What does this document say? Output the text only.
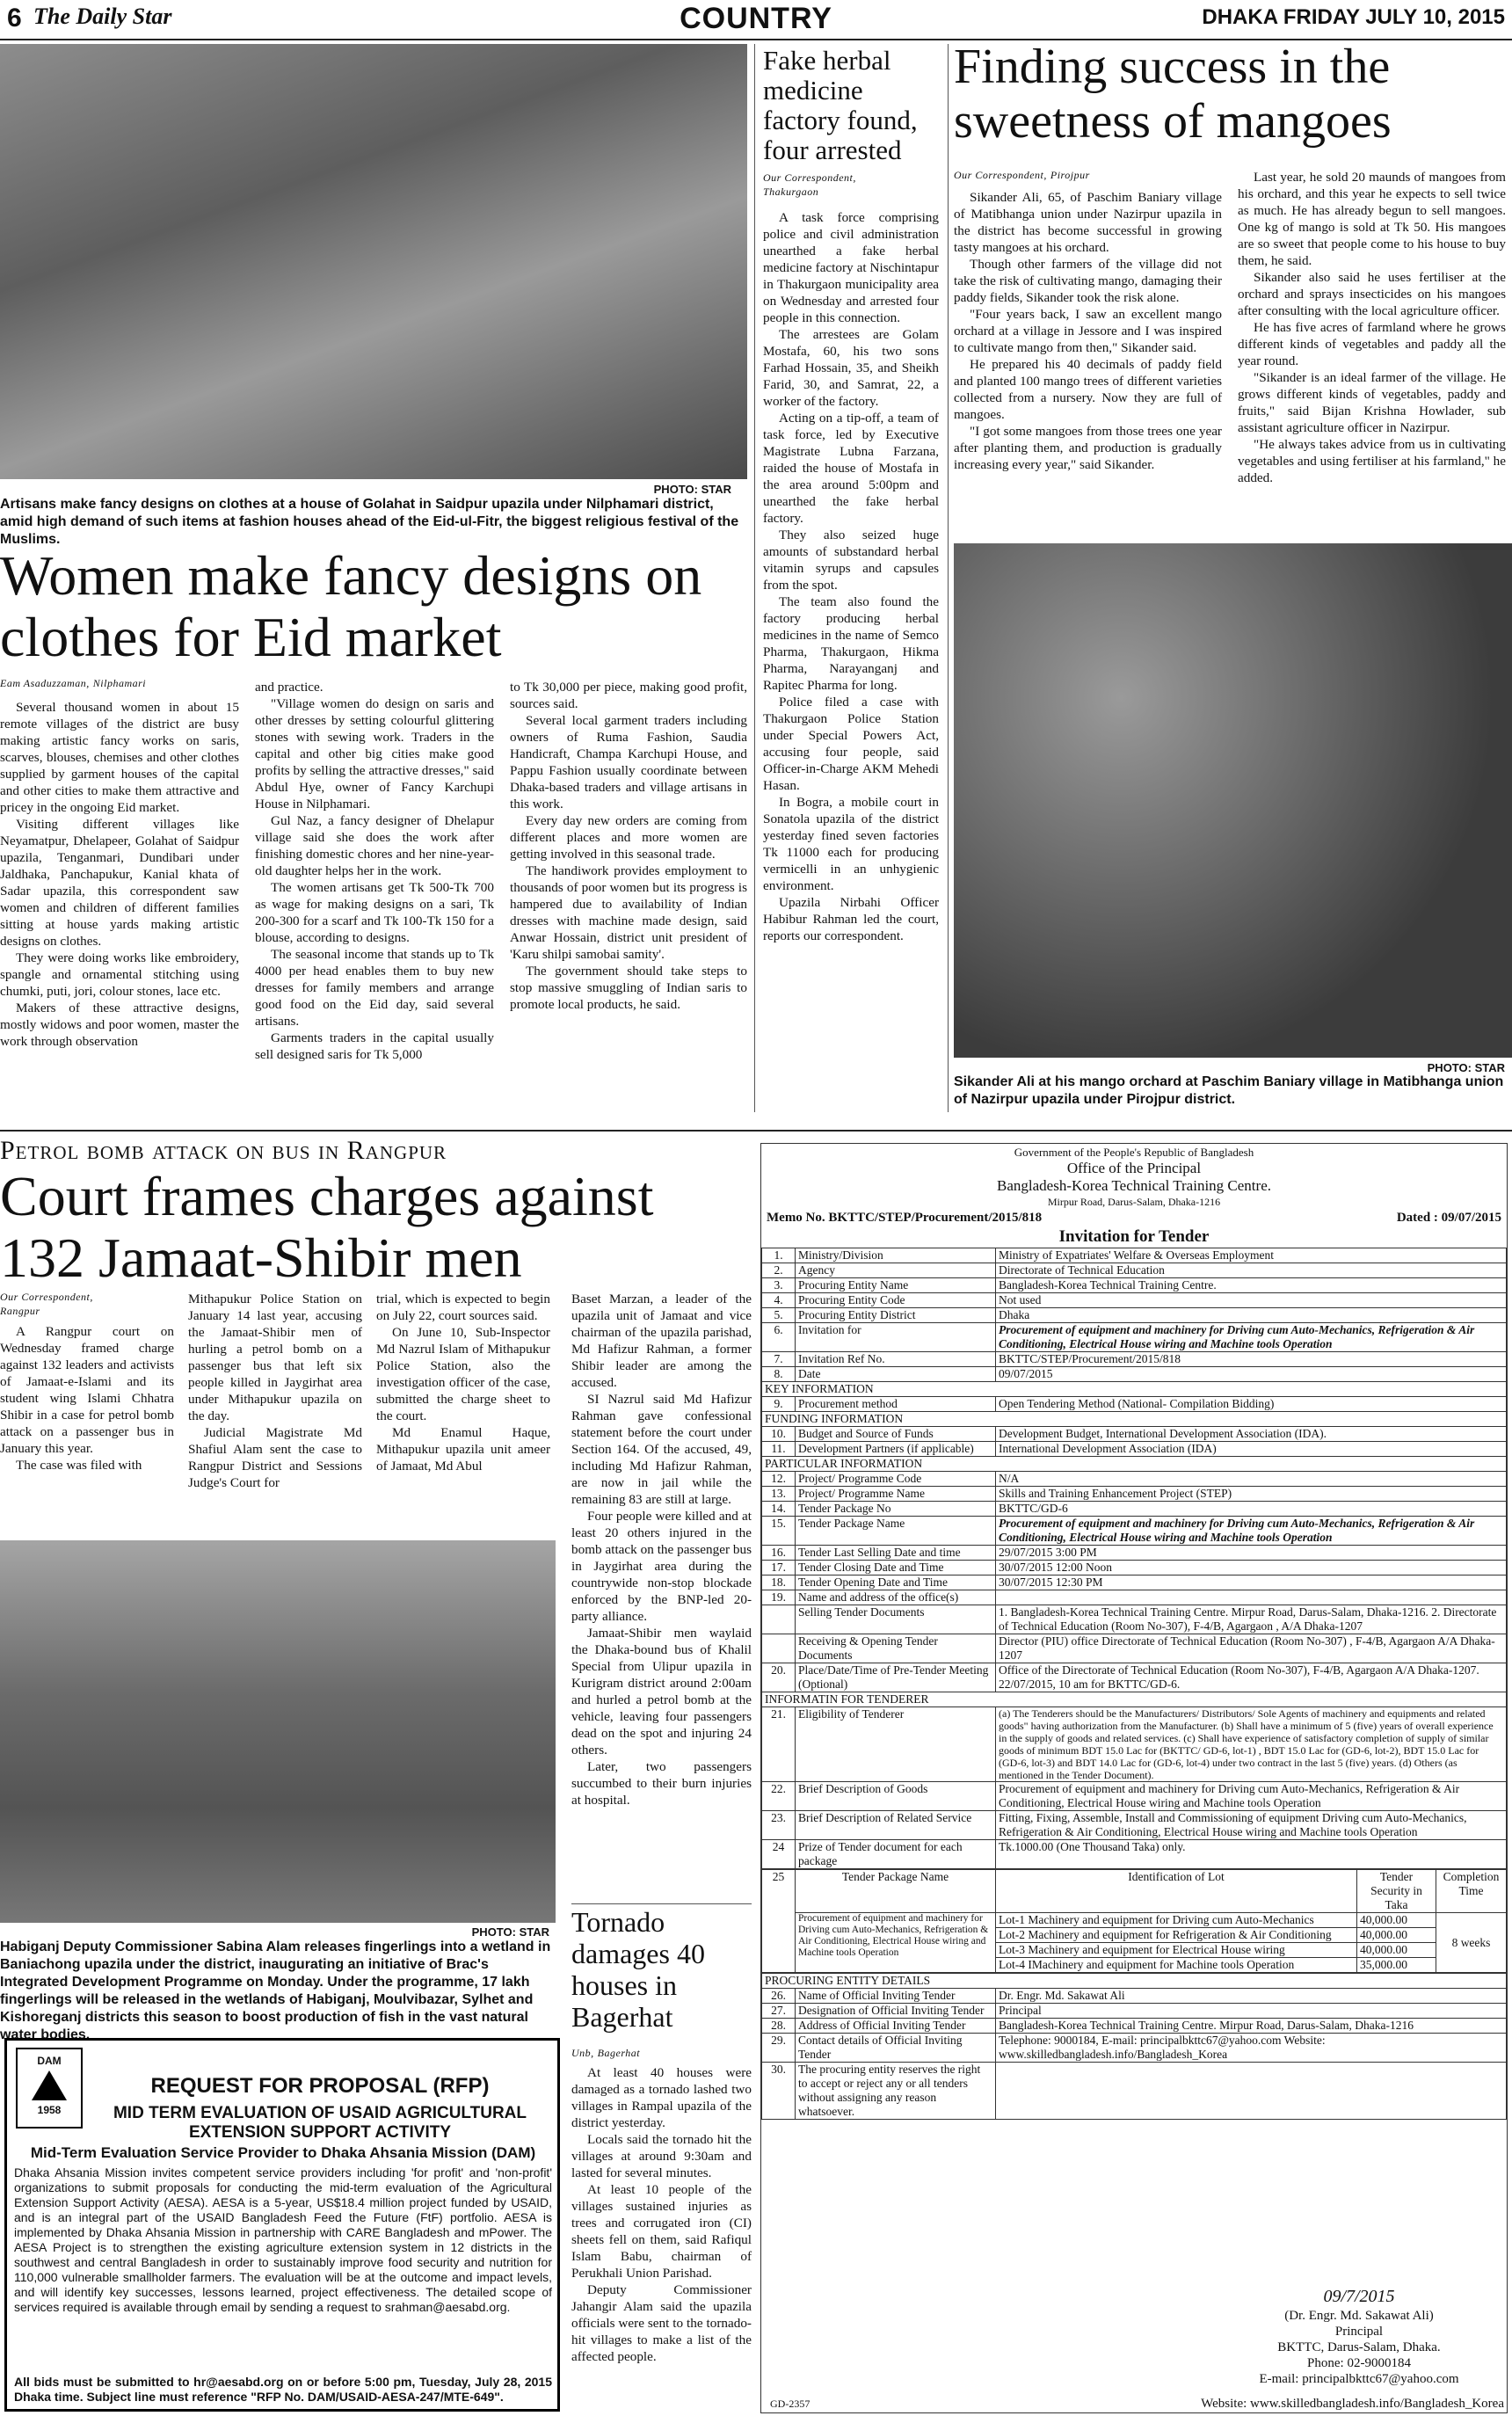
6 The Daily Star	COUNTRY	DHAKA FRIDAY JULY 10, 2015
PHOTO: STAR
Artisans make fancy designs on clothes at a house of Golahat in Saidpur upazila under Nilphamari district, amid high demand of such items at fashion houses ahead of the Eid-ul-Fitr, the biggest religious festival of the Muslims.
Women make fancy designs on clothes for Eid market
Eam Asaduzzaman, Nilphamari

Several thousand women in about 15 remote villages of the district are busy making artistic fancy works on saris, scarves, blouses, chemises and other clothes supplied by garment houses of the capital and other cities to make them attractive and pricey in the ongoing Eid market.

Visiting different villages like Neyamatpur, Dhelapeer, Golahat of Saidpur upazila, Tenganmari, Dundibari under Jaldhaka, Panchapukur, Kanial khata of Sadar upazila, this correspondent saw women and children of different families sitting at house yards making artistic designs on clothes.

They were doing works like embroidery, spangle and ornamental stitching using chumki, puti, jori, colour stones, lace etc.

Makers of these attractive designs, mostly widows and poor women, master the work through observation

and practice.

"Village women do design on saris and other dresses by setting colourful glittering stones with sewing work. Traders in the capital and other big cities make good profits by selling the attractive dresses," said Abdul Hye, owner of Fancy Karchupi House in Nilphamari.

Gul Naz, a fancy designer of Dhelapur village said she does the work after finishing domestic chores and her nine-year-old daughter helps her in the work.

The women artisans get Tk 500-Tk 700 as wage for making designs on a sari, Tk 200-300 for a scarf and Tk 100-Tk 150 for a blouse, according to designs.

The seasonal income that stands up to Tk 4000 per head enables them to buy new dresses for family members and arrange good food on the Eid day, said several artisans.

Garments traders in the capital usually sell designed saris for Tk 5,000

to Tk 30,000 per piece, making good profit, sources said.

Several local garment traders including owners of Ruma Fashion, Saudia Handicraft, Champa Karchupi House, and Pappu Fashion usually coordinate between Dhaka-based traders and village artisans in this work.

Every day new orders are coming from different places and more women are getting involved in this seasonal trade.

The handiwork provides employment to thousands of poor women but its progress is hampered due to availability of Indian dresses with machine made design, said Anwar Hossain, district unit president of 'Karu shilpi samobai samity'.

The government should take steps to stop massive smuggling of Indian saris to promote local products, he said.

Fake herbal medicine factory found, four arrested
Our Correspondent,
Thakurgaon

A task force comprising police and civil administration unearthed a fake herbal medicine factory at Nischintapur in Thakurgaon municipality area on Wednesday and arrested four people in this connection.

The arrestees are Golam Mostafa, 60, his two sons Farhad Hossain, 35, and Sheikh Farid, 30, and Samrat, 22, a worker of the factory.

Acting on a tip-off, a team of task force, led by Executive Magistrate Lubna Farzana, raided the house of Mostafa in the area around 5:00pm and unearthed the fake herbal factory.

They also seized huge amounts of substandard herbal vitamin syrups and capsules from the spot.

The team also found the factory producing herbal medicines in the name of Semco Pharma, Thakurgaon, Hikma Pharma, Narayanganj and Rapitec Pharma for long.

Police filed a case with Thakurgaon Police Station under Special Powers Act, accusing four people, said Officer-in-Charge AKM Mehedi Hasan.

In Bogra, a mobile court in Sonatola upazila of the district yesterday fined seven factories Tk 11000 each for producing vermicelli in an unhygienic environment.

Upazila Nirbahi Officer Habibur Rahman led the court, reports our correspondent.

Finding success in the sweetness of mangoes
Our Correspondent, Pirojpur

Sikander Ali, 65, of Paschim Baniary village of Matibhanga union under Nazirpur upazila in the district has become successful in growing tasty mangoes at his orchard.

Though other farmers of the village did not take the risk of cultivating mango, damaging their paddy fields, Sikander took the risk alone.

"Four years back, I saw an excellent mango orchard at a village in Jessore and I was inspired to cultivate mango from then," Sikander said.

He prepared his 40 decimals of paddy field and planted 100 mango trees of different varieties collected from a nursery. Now they are full of mangoes.

"I got some mangoes from those trees one year after planting them, and production is gradually increasing every year," said Sikander.

Last year, he sold 20 maunds of mangoes from his orchard, and this year he expects to sell twice as much. He has already begun to sell mangoes. One kg of mango is sold at Tk 50. His mangoes are so sweet that people come to his house to buy them, he said.

Sikander also said he uses fertiliser at the orchard and sprays insecticides on his mangoes after consulting with the local agriculture officer.

He has five acres of farmland where he grows different kinds of vegetables and paddy all the year round.

"Sikander is an ideal farmer of the village. He grows different kinds of vegetables, paddy and fruits," said Bijan Krishna Howlader, sub assistant agriculture officer in Nazirpur.

"He always takes advice from us in cultivating vegetables and using fertiliser at his farmland," he added.

PHOTO: STAR
Sikander Ali at his mango orchard at Paschim Baniary village in Matibhanga union of Nazirpur upazila under Pirojpur district.
Petrol bomb attack on bus in Rangpur
Court frames charges against 132 Jamaat-Shibir men
Our Correspondent,
Rangpur

A Rangpur court on Wednesday framed charge against 132 leaders and activists of Jamaat-e-Islami and its student wing Islami Chhatra Shibir in a case for petrol bomb attack on a passenger bus in January this year.

The case was filed with

Mithapukur Police Station on January 14 last year, accusing the Jamaat-Shibir men of hurling a petrol bomb on a passenger bus that left six people killed in Jaygirhat area under Mithapukur upazila on the day.

Judicial Magistrate Md Shafiul Alam sent the case to Rangpur District and Sessions Judge's Court for

trial, which is expected to begin on July 22, court sources said.

On June 10, Sub-Inspector Md Nazrul Islam of Mithapukur Police Station, also the investigation officer of the case, submitted the charge sheet to the court.

Md Enamul Haque, Mithapukur upazila unit ameer of Jamaat, Md Abul

Baset Marzan, a leader of the upazila unit of Jamaat and vice chairman of the upazila parishad, Md Hafizur Rahman, a former Shibir leader are among the accused.

SI Nazrul said Md Hafizur Rahman gave confessional statement before the court under Section 164. Of the accused, 49, including Md Hafizur Rahman, are now in jail while the remaining 83 are still at large.

Four people were killed and at least 20 others injured in the bomb attack on the passenger bus in Jaygirhat area during the countrywide non-stop blockade enforced by the BNP-led 20-party alliance.

Jamaat-Shibir men waylaid the Dhaka-bound bus of Khalil Special from Ulipur upazila in Kurigram district around 2:00am and hurled a petrol bomb at the vehicle, leaving four passengers dead on the spot and injuring 24 others.

Later, two passengers succumbed to their burn injuries at hospital.

PHOTO: STAR
Habiganj Deputy Commissioner Sabina Alam releases fingerlings into a wetland in Baniachong upazila under the district, inaugurating an initiative of Brac's Integrated Development Programme on Monday. Under the programme, 17 lakh fingerlings will be released in the wetlands of Habiganj, Moulvibazar, Sylhet and Kishoreganj districts this season to boost production of fish in the vast natural water bodies.
Tornado damages 40 houses in Bagerhat
Unb, Bagerhat

At least 40 houses were damaged as a tornado lashed two villages in Rampal upazila of the district yesterday.

Locals said the tornado hit the villages at around 9:30am and lasted for several minutes.

At least 10 people of the villages sustained injuries as trees and corrugated iron (CI) sheets fell on them, said Rafiqul Islam Babu, chairman of Perukhali Union Parishad.

Deputy Commissioner Jahangir Alam said the upazila officials were sent to the tornado-hit villages to make a list of the affected people.

DAM
1958
REQUEST FOR PROPOSAL (RFP)
MID TERM EVALUATION OF USAID AGRICULTURAL EXTENSION SUPPORT ACTIVITY
Mid-Term Evaluation Service Provider to Dhaka Ahsania Mission (DAM)
Dhaka Ahsania Mission invites competent service providers including 'for profit' and 'non-profit' organizations to submit proposals for conducting the mid-term evaluation of the Agricultural Extension Support Activity (AESA). AESA is a 5-year, US$18.4 million project funded by USAID, and is an integral part of the USAID Bangladesh Feed the Future (FtF) portfolio. AESA is implemented by Dhaka Ahsania Mission in partnership with CARE Bangladesh and mPower. The AESA Project is to strengthen the existing agriculture extension system in 12 districts in the southwest and central Bangladesh in order to sustainably improve food security and nutrition for 110,000 vulnerable smallholder farmers. The evaluation will be at the outcome and impact levels, and will identify key successes, lessons learned, project effectiveness. The detailed scope of services required is available through email by sending a request to srahman@aesabd.org.
All bids must be submitted to hr@aesabd.org on or before 5:00 pm, Tuesday, July 28, 2015 Dhaka time. Subject line must reference "RFP No. DAM/USAID-AESA-247/MTE-649".
Government of the People's Republic of Bangladesh
Office of the Principal
Bangladesh-Korea Technical Training Centre.
Mirpur Road, Darus-Salam, Dhaka-1216
Memo No. BKTTC/STEP/Procurement/2015/818	Dated : 09/07/2015
Invitation for Tender
1.	Ministry/Division	Ministry of Expatriates' Welfare & Overseas Employment
2.	Agency	Directorate of Technical Education
3.	Procuring Entity Name	Bangladesh-Korea Technical Training Centre.
4.	Procuring Entity Code	Not used
5.	Procuring Entity District	Dhaka
6.	Invitation for	Procurement of equipment and machinery for Driving cum Auto-Mechanics, Refrigeration & Air Conditioning, Electrical House wiring and Machine tools Operation
7.	Invitation Ref No.	BKTTC/STEP/Procurement/2015/818
8.	Date	09/07/2015
KEY INFORMATION		
9.	Procurement method	Open Tendering Method (National- Compilation Bidding)
FUNDING INFORMATION		
10.	Budget and Source of Funds	Development Budget, International Development Association (IDA).
11.	Development Partners (if applicable)	International Development Association (IDA)
PARTICULAR INFORMATION		
12.	Project/ Programme Code	N/A
13.	Project/ Programme Name	Skills and Training Enhancement Project (STEP)
14.	Tender Package No	BKTTC/GD-6
15.	Tender Package Name	Procurement of equipment and machinery for Driving cum Auto-Mechanics, Refrigeration & Air Conditioning, Electrical House wiring and Machine tools Operation
16.	Tender Last Selling Date and time	29/07/2015 3:00 PM
17.	Tender Closing Date and Time	30/07/2015 12:00 Noon
18.	Tender Opening Date and Time	30/07/2015 12:30 PM
19.	Name and address of the office(s)	
	Selling Tender Documents	1. Bangladesh-Korea Technical Training Centre. Mirpur Road, Darus-Salam, Dhaka-1216. 2. Directorate of Technical Education (Room No-307), F-4/B, Agargaon , A/A Dhaka-1207
	Receiving & Opening Tender Documents	Director (PIU) office Directorate of Technical Education (Room No-307) , F-4/B, Agargaon A/A Dhaka-1207
20.	Place/Date/Time of Pre-Tender Meeting (Optional)	Office of the Directorate of Technical Education (Room No-307), F-4/B, Agargaon A/A Dhaka-1207. 22/07/2015, 10 am for BKTTC/GD-6.
INFORMATIN FOR TENDERER		
21.	Eligibility of Tenderer	(a) The Tenderers should be the Manufacturers/ Distributors/ Sole Agents of machinery and equipments and related goods" having authorization from the Manufacturer. (b) Shall have a minimum of 5 (five) years of overall experience in the supply of goods and related services. (c) Shall have experience of satisfactory completion of supply of similar goods of minimum BDT 15.0 Lac for (BKTTC/ GD-6, lot-1) , BDT 15.0 Lac for (GD-6, lot-2), BDT 15.0 Lac for (GD-6, lot-3) and BDT 14.0 Lac for (GD-6, lot-4) under two contract in the last 5 (five) years. (d) Others (as mentioned in the Tender Document).
22.	Brief Description of Goods	Procurement of equipment and machinery for Driving cum Auto-Mechanics, Refrigeration & Air Conditioning, Electrical House wiring and Machine tools Operation
23.	Brief Description of Related Service	Fitting, Fixing, Assemble, Install and Commissioning of equipment Driving cum Auto-Mechanics, Refrigeration & Air Conditioning, Electrical House wiring and Machine tools Operation
24	Prize of Tender document for each package	Tk.1000.00 (One Thousand Taka) only.
25	Tender Package Name	Identification of Lot	Tender Security in Taka	Completion Time
	Procurement of equipment and machinery for Driving cum Auto-Mechanics, Refrigeration & Air Conditioning, Electrical House wiring and Machine tools Operation	Lot-1 Machinery and equipment for Driving cum Auto-Mechanics	40,000.00	8 weeks
		Lot-2 Machinery and equipment for Refrigeration & Air Conditioning	40,000.00	
		Lot-3 Machinery and equipment for Electrical House wiring	40,000.00	
		Lot-4 IMachinery and equipment for Machine tools Operation	35,000.00	
PROCURING ENTITY DETAILS		
26.	Name of Official Inviting Tender	Dr. Engr. Md. Sakawat Ali
27.	Designation of Official Inviting Tender	Principal
28.	Address of Official Inviting Tender	Bangladesh-Korea Technical Training Centre. Mirpur Road, Darus-Salam, Dhaka-1216
29.	Contact details of Official Inviting Tender	Telephone: 9000184, E-mail: principalbkttc67@yahoo.com Website: www.skilledbangladesh.info/Bangladesh_Korea
30.	The procuring entity reserves the right to accept or reject any or all tenders without assigning any reason whatsoever.	
09/7/2015
(Dr. Engr. Md. Sakawat Ali)
Principal
BKTTC, Darus-Salam, Dhaka.
Phone: 02-9000184
E-mail: principalbkttc67@yahoo.com
GD-2357	Website: www.skilledbangladesh.info/Bangladesh_Korea
